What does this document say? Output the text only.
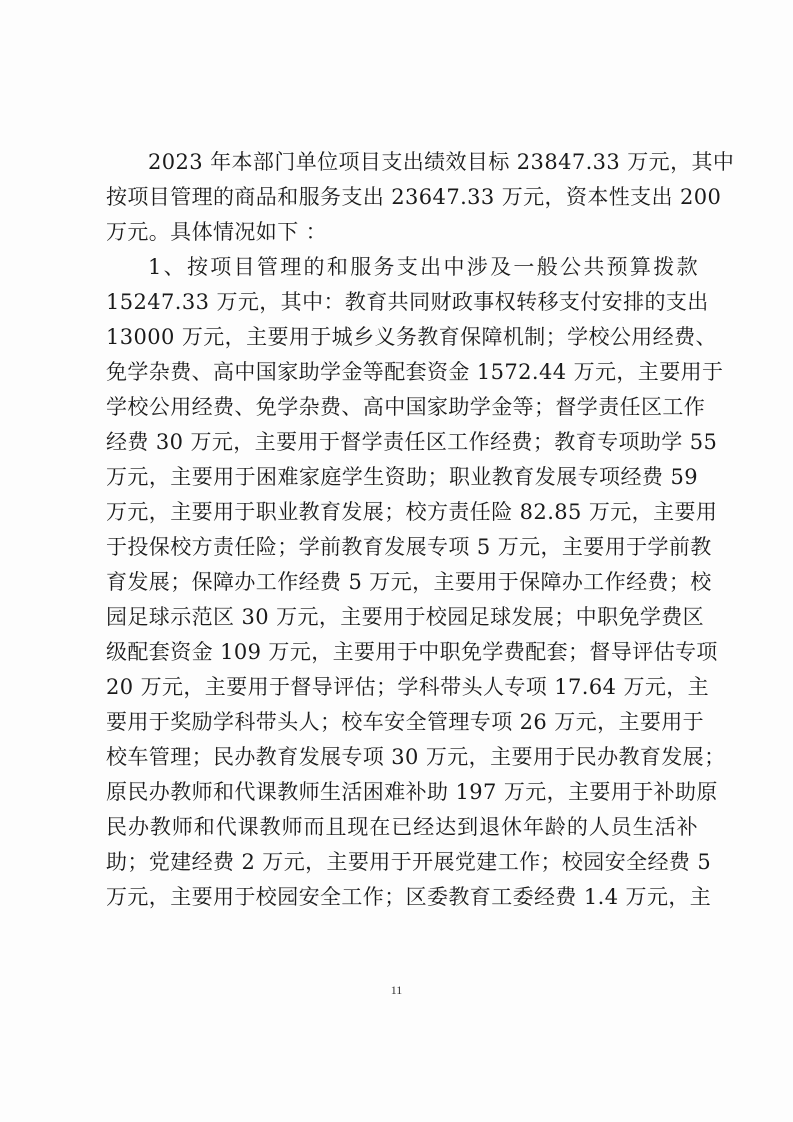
2023 年本部门单位项目支出绩效目标 23847.33 万元，其中
按项目管理的商品和服务支出 23647.33 万元，资本性支出 200
万元。具体情况如下 ：
1、按项目管理的和服务支出中涉及一般公共预算拨款
15247.33 万元，其中：教育共同财政事权转移支付安排的支出
13000 万元，主要用于城乡义务教育保障机制；学校公用经费、
免学杂费、高中国家助学金等配套资金 1572.44 万元，主要用于
学校公用经费、免学杂费、高中国家助学金等；督学责任区工作
经费 30 万元，主要用于督学责任区工作经费；教育专项助学 55
万元，主要用于困难家庭学生资助；职业教育发展专项经费 59
万元，主要用于职业教育发展；校方责任险 82.85 万元，主要用
于投保校方责任险；学前教育发展专项 5 万元，主要用于学前教
育发展；保障办工作经费 5 万元，主要用于保障办工作经费；校
园足球示范区 30 万元，主要用于校园足球发展；中职免学费区
级配套资金 109 万元，主要用于中职免学费配套；督导评估专项
20 万元，主要用于督导评估；学科带头人专项 17.64 万元，主
要用于奖励学科带头人；校车安全管理专项 26 万元，主要用于
校车管理；民办教育发展专项 30 万元，主要用于民办教育发展；
原民办教师和代课教师生活困难补助 197 万元，主要用于补助原
民办教师和代课教师而且现在已经达到退休年龄的人员生活补
助；党建经费 2 万元，主要用于开展党建工作；校园安全经费 5
万元，主要用于校园安全工作；区委教育工委经费 1.4 万元，主
11
